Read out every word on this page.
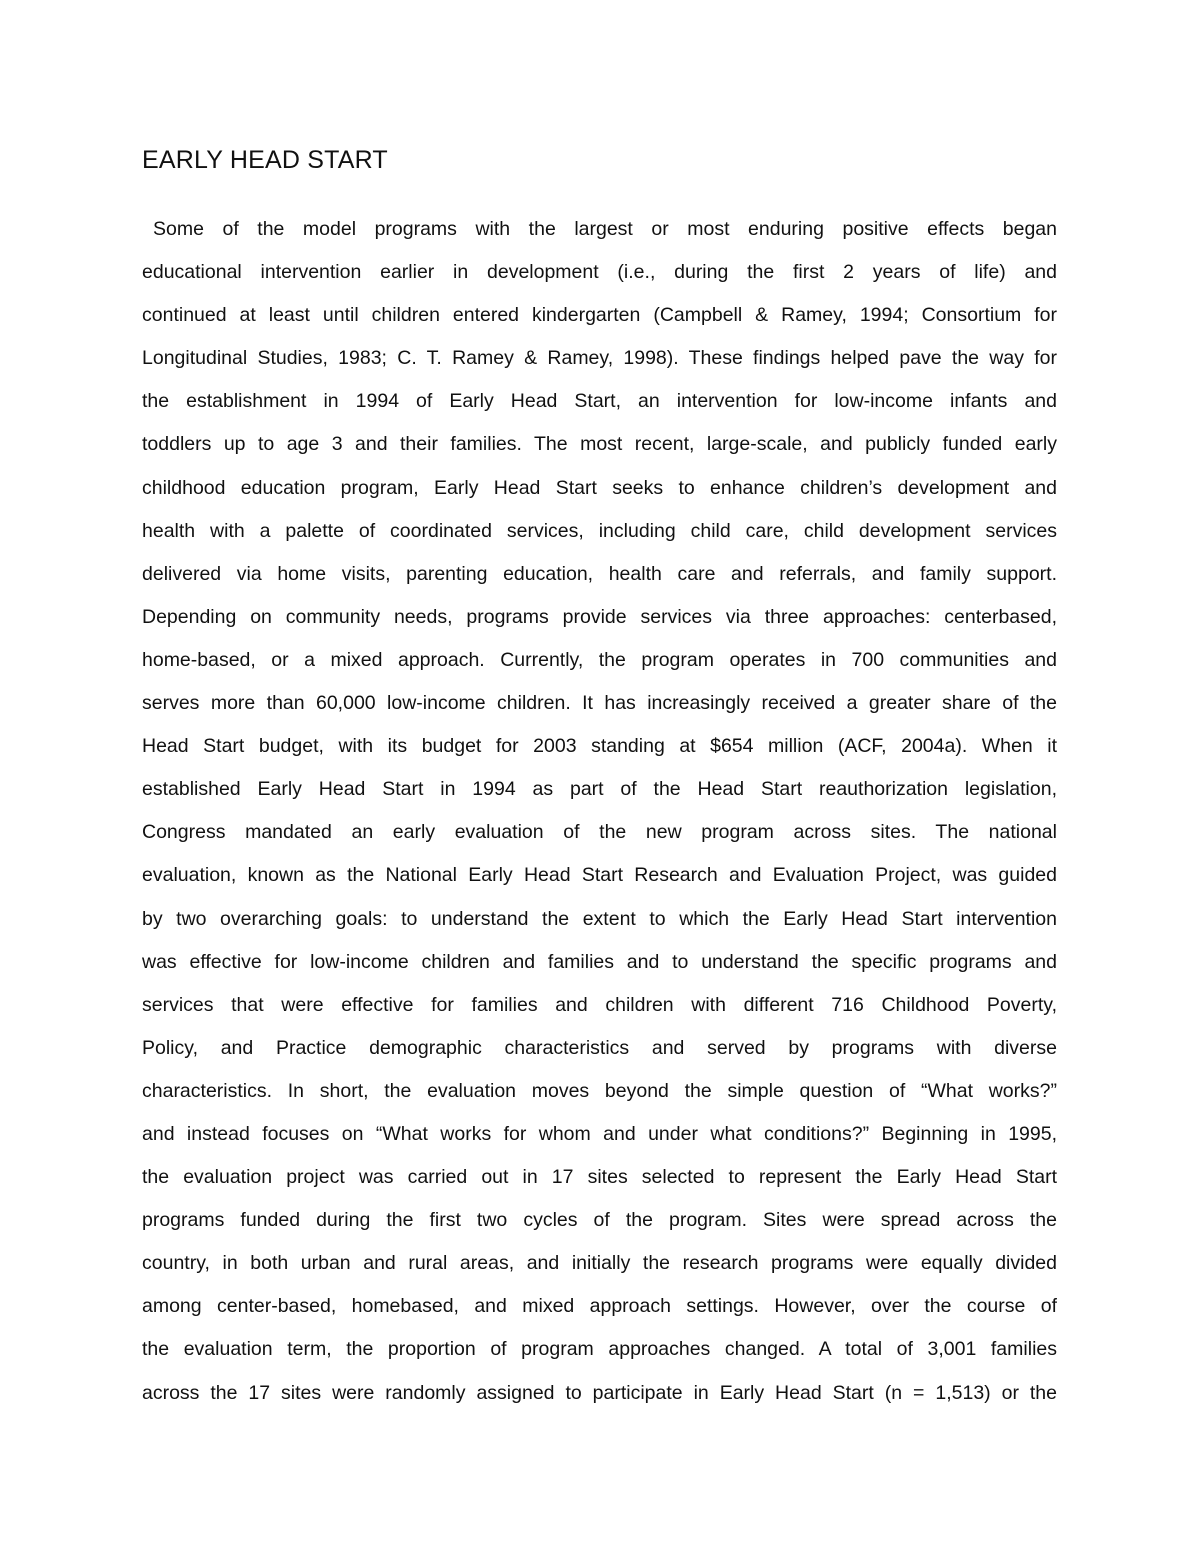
EARLY HEAD START
Some of the model programs with the largest or most enduring positive effects began
educational intervention earlier in development (i.e., during the first 2 years of life) and
continued at least until children entered kindergarten (Campbell & Ramey, 1994; Consortium for
Longitudinal Studies, 1983; C. T. Ramey & Ramey, 1998). These findings helped pave the way for
the establishment in 1994 of Early Head Start, an intervention for low-income infants and
toddlers up to age 3 and their families. The most recent, large-scale, and publicly funded early
childhood education program, Early Head Start seeks to enhance children’s development and
health with a palette of coordinated services, including child care, child development services
delivered via home visits, parenting education, health care and referrals, and family support.
Depending on community needs, programs provide services via three approaches: centerbased,
home-based, or a mixed approach. Currently, the program operates in 700 communities and
serves more than 60,000 low-income children. It has increasingly received a greater share of the
Head Start budget, with its budget for 2003 standing at $654 million (ACF, 2004a). When it
established Early Head Start in 1994 as part of the Head Start reauthorization legislation,
Congress mandated an early evaluation of the new program across sites. The national
evaluation, known as the National Early Head Start Research and Evaluation Project, was guided
by two overarching goals: to understand the extent to which the Early Head Start intervention
was effective for low-income children and families and to understand the specific programs and
services that were effective for families and children with different 716 Childhood Poverty,
Policy, and Practice demographic characteristics and served by programs with diverse
characteristics. In short, the evaluation moves beyond the simple question of “What works?”
and instead focuses on “What works for whom and under what conditions?” Beginning in 1995,
the evaluation project was carried out in 17 sites selected to represent the Early Head Start
programs funded during the first two cycles of the program. Sites were spread across the
country, in both urban and rural areas, and initially the research programs were equally divided
among center-based, homebased, and mixed approach settings. However, over the course of
the evaluation term, the proportion of program approaches changed. A total of 3,001 families
across the 17 sites were randomly assigned to participate in Early Head Start (n = 1,513) or the
